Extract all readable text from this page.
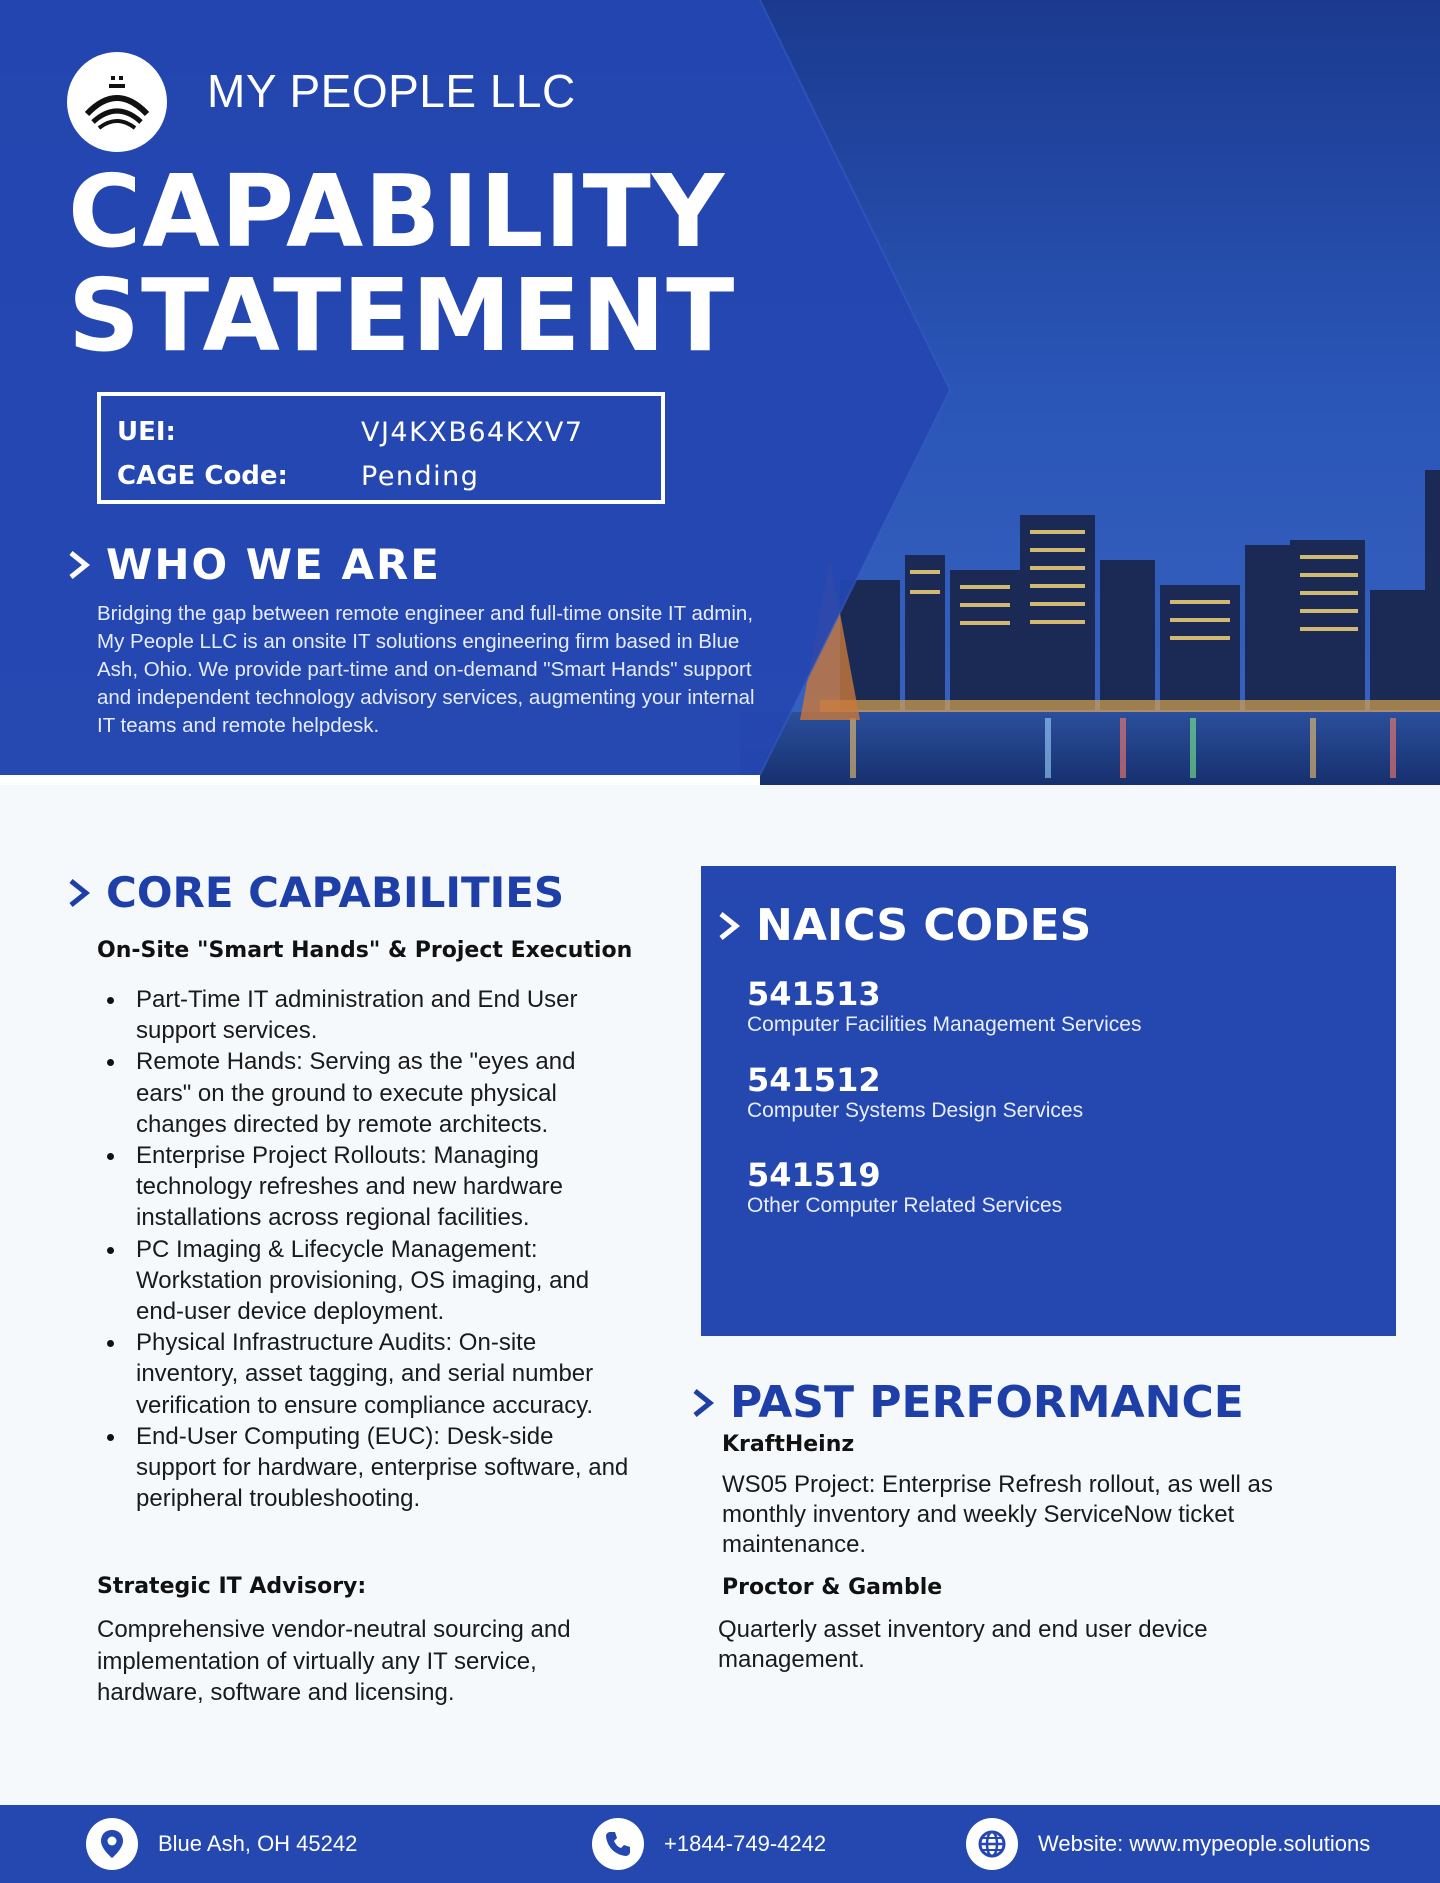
MY PEOPLE LLC
CAPABILITY
STATEMENT
UEI:	VJ4KXB64KXV7
CAGE Code:	Pending
WHO WE ARE

Bridging the gap between remote engineer and full-time onsite IT admin, My People LLC is an onsite IT solutions engineering firm based in Blue Ash, Ohio. We provide part-time and on-demand "Smart Hands" support and independent technology advisory services, augmenting your internal IT teams and remote helpdesk.

CORE CAPABILITIES
On-Site "Smart Hands" & Project Execution
Part-Time IT administration and End User support services.
Remote Hands: Serving as the "eyes and ears" on the ground to execute physical changes directed by remote architects.
Enterprise Project Rollouts: Managing technology refreshes and new hardware installations across regional facilities.
PC Imaging & Lifecycle Management: Workstation provisioning, OS imaging, and end-user device deployment.
Physical Infrastructure Audits: On-site inventory, asset tagging, and serial number verification to ensure compliance accuracy.
End-User Computing (EUC): Desk-side support for hardware, enterprise software, and peripheral troubleshooting.
Strategic IT Advisory:

Comprehensive vendor-neutral sourcing and implementation of virtually any IT service, hardware, software and licensing.

NAICS CODES
541513
Computer Facilities Management Services
541512
Computer Systems Design Services
541519
Other Computer Related Services
PAST PERFORMANCE
KraftHeinz

WS05 Project: Enterprise Refresh rollout, as well as monthly inventory and weekly ServiceNow ticket maintenance.

Proctor & Gamble

Quarterly asset inventory and end user device management.

Blue Ash, OH 45242	+1844-749-4242	Website: www.mypeople.solutions
